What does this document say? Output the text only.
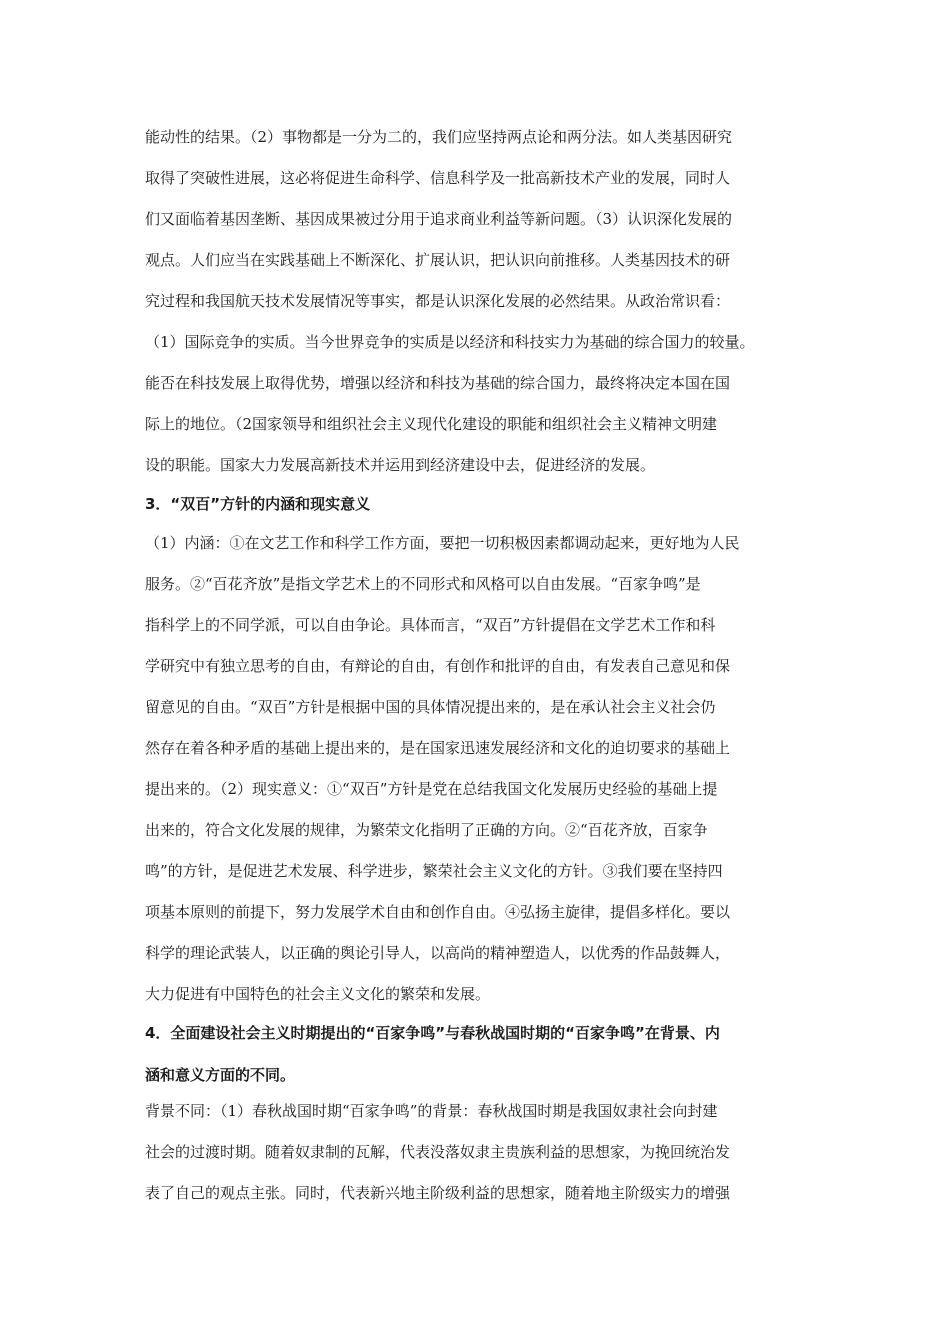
能动性的结果。（2）事物都是一分为二的，我们应坚持两点论和两分法。如人类基因研究
取得了突破性进展，这必将促进生命科学、信息科学及一批高新技术产业的发展，同时人
们又面临着基因垄断、基因成果被过分用于追求商业利益等新问题。（3）认识深化发展的
观点。人们应当在实践基础上不断深化、扩展认识，把认识向前推移。人类基因技术的研
究过程和我国航天技术发展情况等事实，都是认识深化发展的必然结果。从政治常识看：
（1）国际竞争的实质。当今世界竞争的实质是以经济和科技实力为基础的综合国力的较量。
能否在科技发展上取得优势，增强以经济和科技为基础的综合国力，最终将决定本国在国
际上的地位。（2国家领导和组织社会主义现代化建设的职能和组织社会主义精神文明建
设的职能。国家大力发展高新技术并运用到经济建设中去，促进经济的发展。
3．“双百”方针的内涵和现实意义
（1）内涵：①在文艺工作和科学工作方面，要把一切积极因素都调动起来，更好地为人民
服务。②“百花齐放”是指文学艺术上的不同形式和风格可以自由发展。“百家争鸣”是
指科学上的不同学派，可以自由争论。具体而言，“双百”方针提倡在文学艺术工作和科
学研究中有独立思考的自由，有辩论的自由，有创作和批评的自由，有发表自己意见和保
留意见的自由。“双百”方针是根据中国的具体情况提出来的，是在承认社会主义社会仍
然存在着各种矛盾的基础上提出来的，是在国家迅速发展经济和文化的迫切要求的基础上
提出来的。（2）现实意义：①“双百”方针是党在总结我国文化发展历史经验的基础上提
出来的，符合文化发展的规律，为繁荣文化指明了正确的方向。②“百花齐放，百家争
鸣”的方针，是促进艺术发展、科学进步，繁荣社会主义文化的方针。③我们要在坚持四
项基本原则的前提下，努力发展学术自由和创作自由。④弘扬主旋律，提倡多样化。要以
科学的理论武装人，以正确的舆论引导人，以高尚的精神塑造人，以优秀的作品鼓舞人，
大力促进有中国特色的社会主义文化的繁荣和发展。
4．全面建设社会主义时期提出的“百家争鸣”与春秋战国时期的“百家争鸣”在背景、内
涵和意义方面的不同。
背景不同：（1）春秋战国时期“百家争鸣”的背景：春秋战国时期是我国奴隶社会向封建
社会的过渡时期。随着奴隶制的瓦解，代表没落奴隶主贵族利益的思想家，为挽回统治发
表了自己的观点主张。同时，代表新兴地主阶级利益的思想家，随着地主阶级实力的增强
